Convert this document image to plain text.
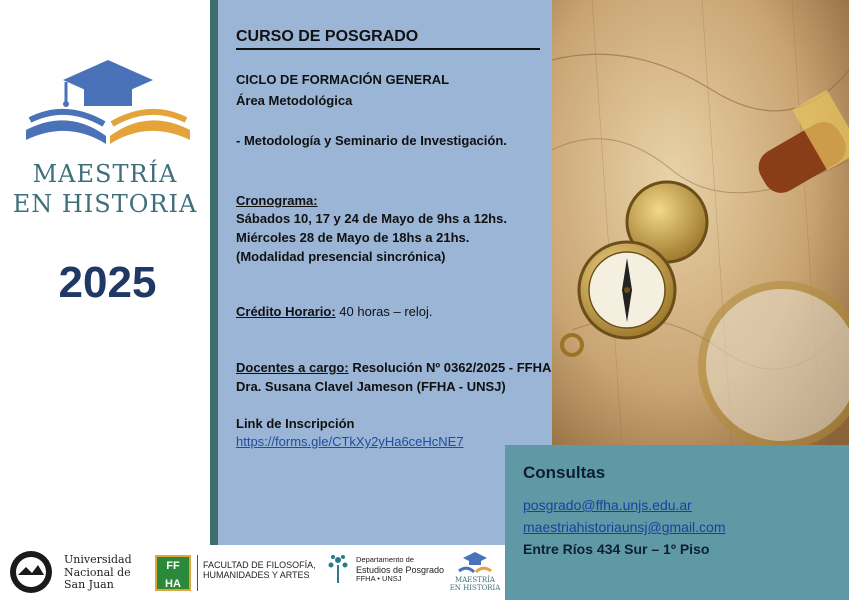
MAESTRÍA
EN HISTORIA
2025
CURSO DE POSGRADO
CICLO DE FORMACIÓN GENERAL
Área Metodológica
- Metodología y Seminario de Investigación.
Cronograma:
Sábados 10, 17 y 24 de Mayo de 9hs a 12hs.
Miércoles 28 de Mayo de 18hs a 21hs.
(Modalidad presencial sincrónica)
Crédito Horario: 40 horas – reloj.
Docentes a cargo: Resolución Nº 0362/2025 - FFHA
Dra. Susana Clavel Jameson (FFHA - UNSJ)
Link de Inscripción
https://forms.gle/CTkXy2yHa6ceHcNE7
Consultas
posgrado@ffha.unjs.edu.ar
maestriahistoriaunsj@gmail.com
Entre Ríos 434 Sur – 1º Piso
Universidad
Nacional de
San Juan
FF HA
FACULTAD DE FILOSOFÍA,
HUMANIDADES Y ARTES
Departamento de
Estudios de Posgrado
FFHA • UNSJ	MAESTRÍA
EN HISTORIA
